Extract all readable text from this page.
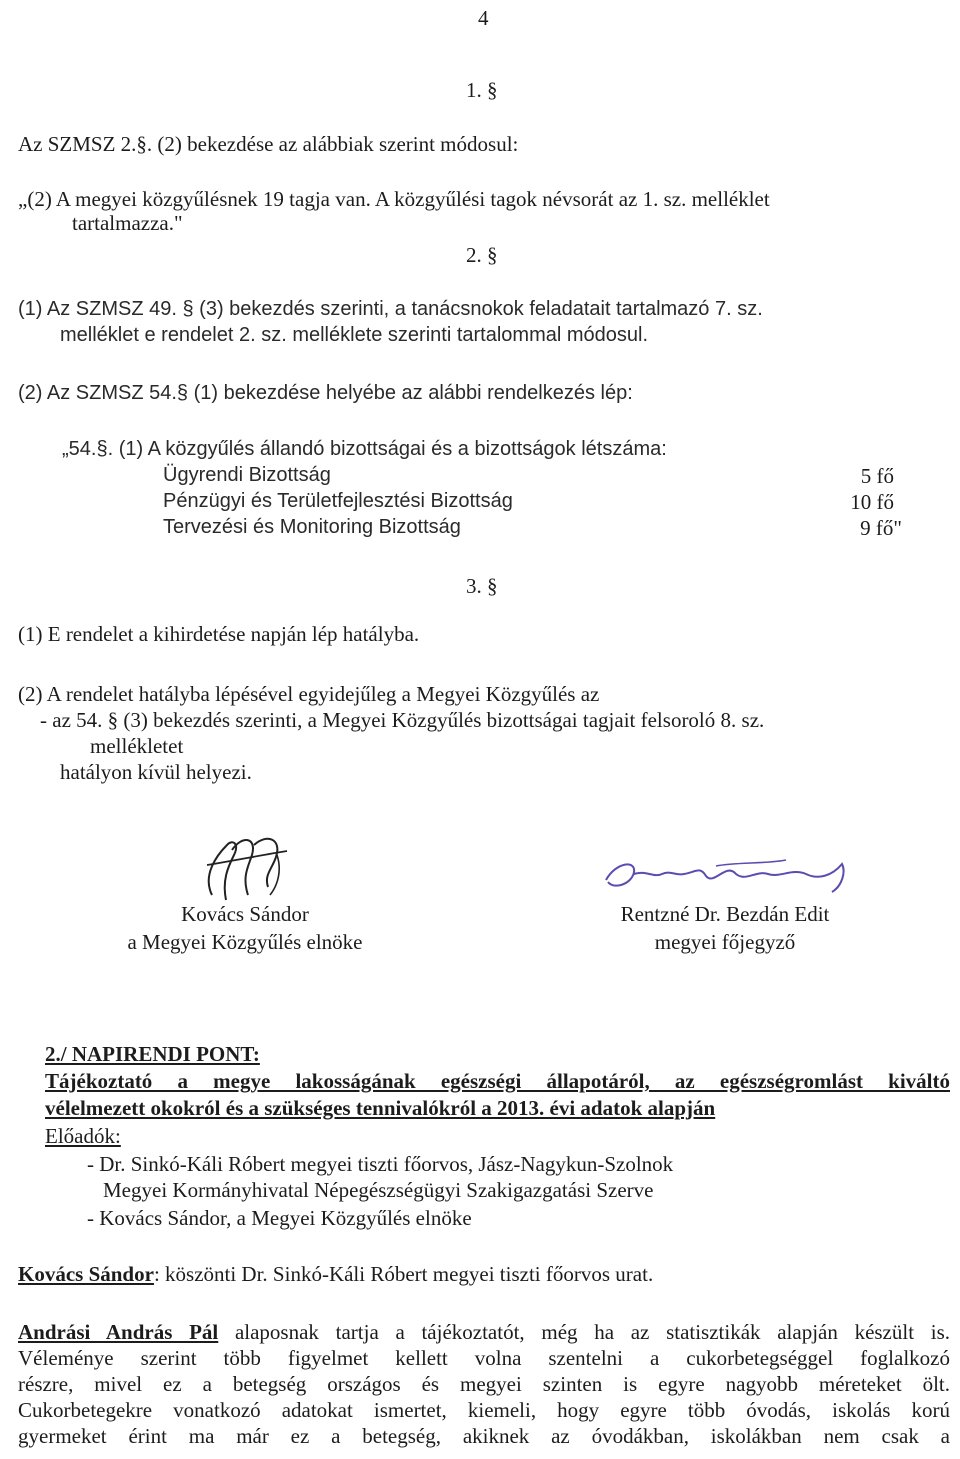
4
1. §
Az SZMSZ 2.§. (2) bekezdése az alábbiak szerint módosul:
„(2) A megyei közgyűlésnek 19 tagja van. A közgyűlési tagok névsorát az 1. sz. melléklet
tartalmazza."
2. §
(1) Az SZMSZ 49. § (3) bekezdés szerinti, a tanácsnokok feladatait tartalmazó 7. sz.
melléklet e rendelet 2. sz. melléklete szerinti tartalommal módosul.
(2) Az SZMSZ 54.§ (1) bekezdése helyébe az alábbi rendelkezés lép:
„54.§. (1) A közgyűlés állandó bizottságai és a bizottságok létszáma:
Ügyrendi Bizottság	5 fő
Pénzügyi és Területfejlesztési Bizottság	10 fő
Tervezési és Monitoring Bizottság	9 fő"
3. §
(1) E rendelet a kihirdetése napján lép hatályba.
(2) A rendelet hatályba lépésével egyidejűleg a Megyei Közgyűlés az
- az 54. § (3) bekezdés szerinti, a Megyei Közgyűlés bizottságai tagjait felsoroló 8. sz.
mellékletet
hatályon kívül helyezi.
Kovács Sándor
a Megyei Közgyűlés elnöke
Rentzné Dr. Bezdán Edit
megyei főjegyző
2./ NAPIRENDI PONT:
Tájékoztató a megye lakosságának egészségi állapotáról, az egészségromlást kiváltó
vélelmezett okokról és a szükséges tennivalókról a 2013. évi adatok alapján
Előadók:
- Dr. Sinkó-Káli Róbert megyei tiszti főorvos, Jász-Nagykun-Szolnok
Megyei Kormányhivatal Népegészségügyi Szakigazgatási Szerve
- Kovács Sándor, a Megyei Közgyűlés elnöke
Kovács Sándor: köszönti Dr. Sinkó-Káli Róbert megyei tiszti főorvos urat.
Andrási András Pál alaposnak tartja a tájékoztatót, még ha az statisztikák alapján készült is.
Véleménye szerint több figyelmet kellett volna szentelni a cukorbetegséggel foglalkozó
részre, mivel ez a betegség országos és megyei szinten is egyre nagyobb méreteket ölt.
Cukorbetegekre vonatkozó adatokat ismertet, kiemeli, hogy egyre több óvodás, iskolás korú
gyermeket érint ma már ez a betegség, akiknek az óvodákban, iskolákban nem csak a
